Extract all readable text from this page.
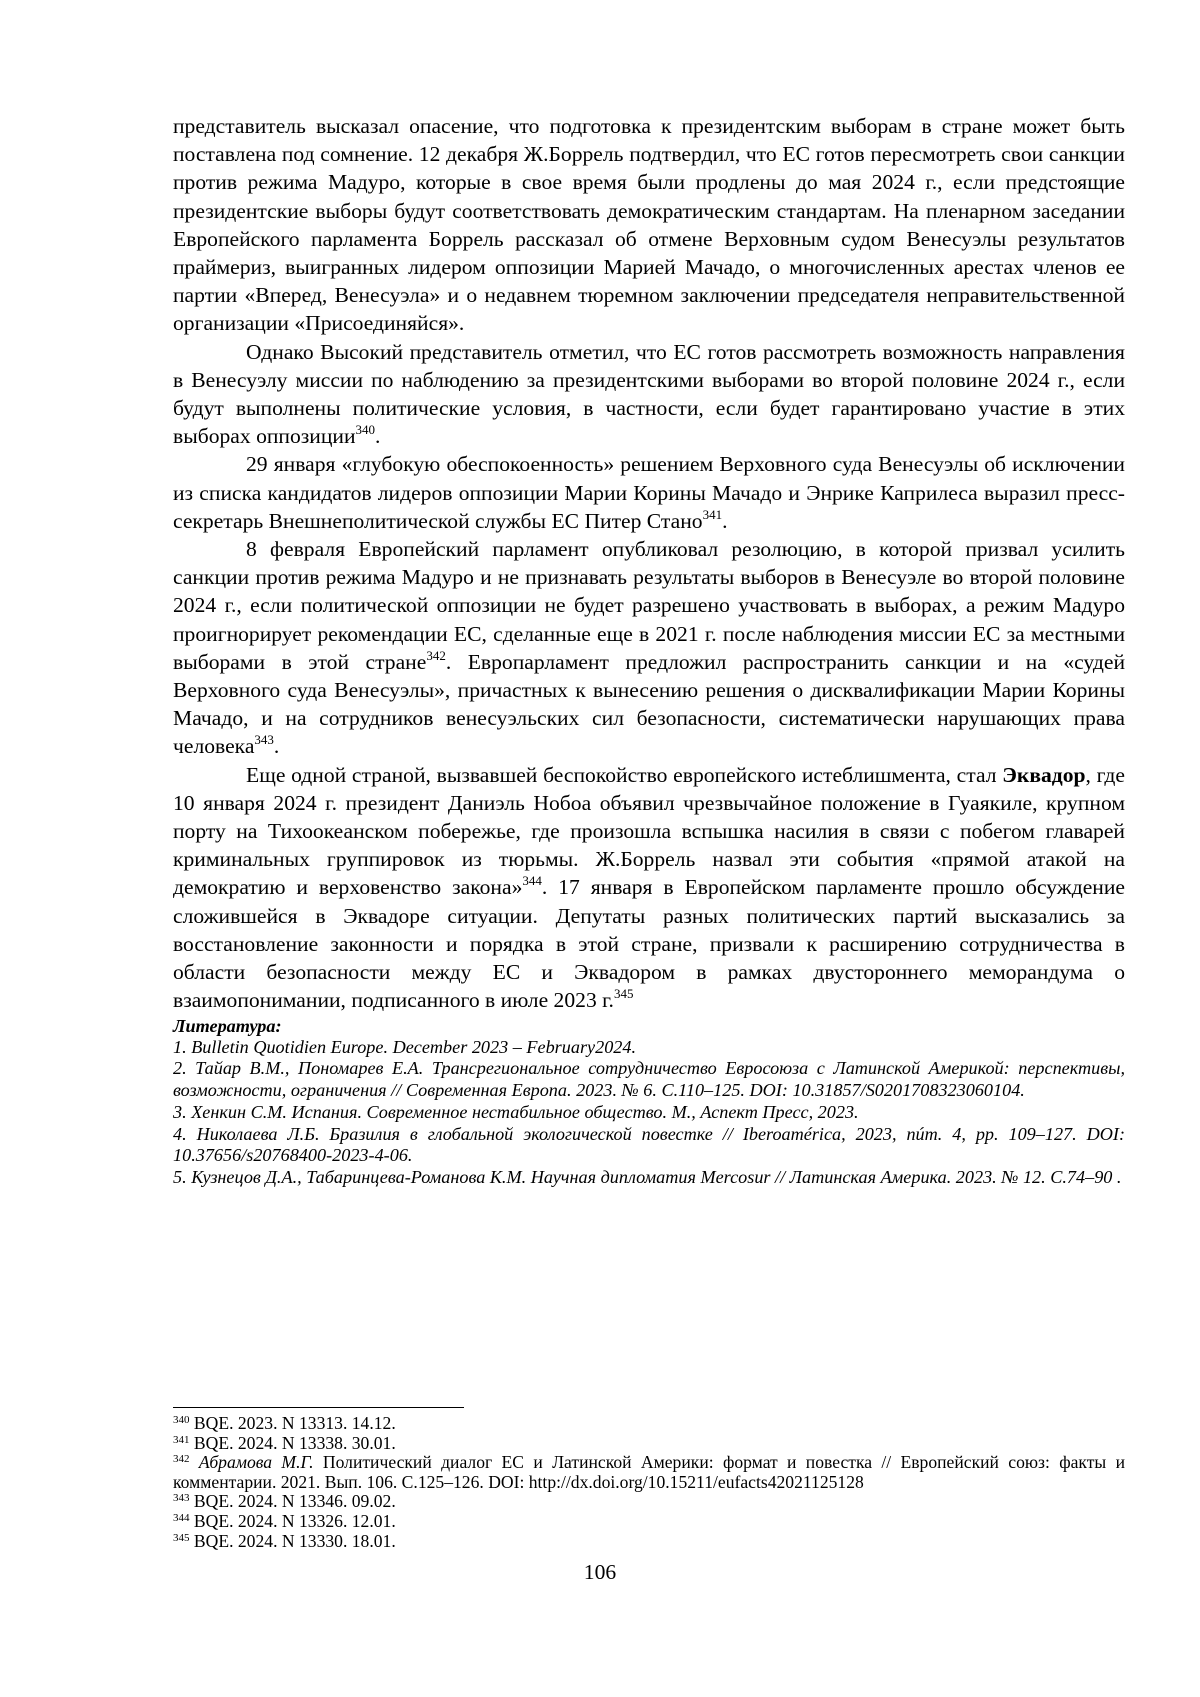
представитель высказал опасение, что подготовка к президентским выборам в стране может быть поставлена под сомнение. 12 декабря Ж.Боррель подтвердил, что ЕС готов пересмотреть свои санкции против режима Мадуро, которые в свое время были продлены до мая 2024 г., если предстоящие президентские выборы будут соответствовать демократическим стандартам. На пленарном заседании Европейского парламента Боррель рассказал об отмене Верховным судом Венесуэлы результатов праймериз, выигранных лидером оппозиции Марией Мачадо, о многочисленных арестах членов ее партии «Вперед, Венесуэла» и о недавнем тюремном заключении председателя неправительственной организации «Присоединяйся».

Однако Высокий представитель отметил, что ЕС готов рассмотреть возможность направления в Венесуэлу миссии по наблюдению за президентскими выборами во второй половине 2024 г., если будут выполнены политические условия, в частности, если будет гарантировано участие в этих выборах оппозиции$^{340}$.

29 января «глубокую обеспокоенность» решением Верховного суда Венесуэлы об исключении из списка кандидатов лидеров оппозиции Марии Корины Мачадо и Энрике Каприлеса выразил пресс-секретарь Внешнеполитической службы ЕС Питер Стано$^{341}$.

8 февраля Европейский парламент опубликовал резолюцию, в которой призвал усилить санкции против режима Мадуро и не признавать результаты выборов в Венесуэле во второй половине 2024 г., если политической оппозиции не будет разрешено участвовать в выборах, а режим Мадуро проигнорирует рекомендации ЕС, сделанные еще в 2021 г. после наблюдения миссии ЕС за местными выборами в этой стране$^{342}$. Европарламент предложил распространить санкции и на «судей Верховного суда Венесуэлы», причастных к вынесению решения о дисквалификации Марии Корины Мачадо, и на сотрудников венесуэльских сил безопасности, систематически нарушающих права человека$^{343}$.

Еще одной страной, вызвавшей беспокойство европейского истеблишмента, стал Эквадор, где 10 января 2024 г. президент Даниэль Нобоа объявил чрезвычайное положение в Гуаякиле, крупном порту на Тихоокеанском побережье, где произошла вспышка насилия в связи с побегом главарей криминальных группировок из тюрьмы. Ж.Боррель назвал эти события «прямой атакой на демократию и верховенство закона»$^{344}$. 17 января в Европейском парламенте прошло обсуждение сложившейся в Эквадоре ситуации. Депутаты разных политических партий высказались за восстановление законности и порядка в этой стране, призвали к расширению сотрудничества в области безопасности между ЕС и Эквадором в рамках двустороннего меморандума о взаимопонимании, подписанного в июле 2023 г.$^{345}$

Литература:

1. Bulletin Quotidien Europe. December 2023 – February2024.
2. Тайар В.М., Пономарев Е.А. Трансрегиональное сотрудничество Евросоюза с Латинской Америкой: перспективы, возможности, ограничения // Современная Европа. 2023. № 6. С.110–125. DOI: 10.31857/S0201708323060104.
3. Хенкин С.М. Испания. Современное нестабильное общество. М., Аспект Пресс, 2023.
4. Николаева Л.Б. Бразилия в глобальной экологической повестке // Iberoamérica, 2023, núm. 4, pp. 109–127. DOI: 10.37656/s20768400-2023-4-06.
5. Кузнецов Д.А., Табаринцева-Романова К.М. Научная дипломатия Mercosur // Латинская Америка. 2023. № 12. С.74–90 .
$^{340}$ BQE. 2023. N 13313. 14.12.
$^{341}$ BQE. 2024. N 13338. 30.01.
$^{342}$ Абрамова М.Г. Политический диалог ЕС и Латинской Америки: формат и повестка // Европейский союз: факты и комментарии. 2021. Вып. 106. С.125–126. DOI: http://dx.doi.org/10.15211/eufacts42021125128
$^{343}$ BQE. 2024. N 13346. 09.02.
$^{344}$ BQE. 2024. N 13326. 12.01.
$^{345}$ BQE. 2024. N 13330. 18.01.
106
